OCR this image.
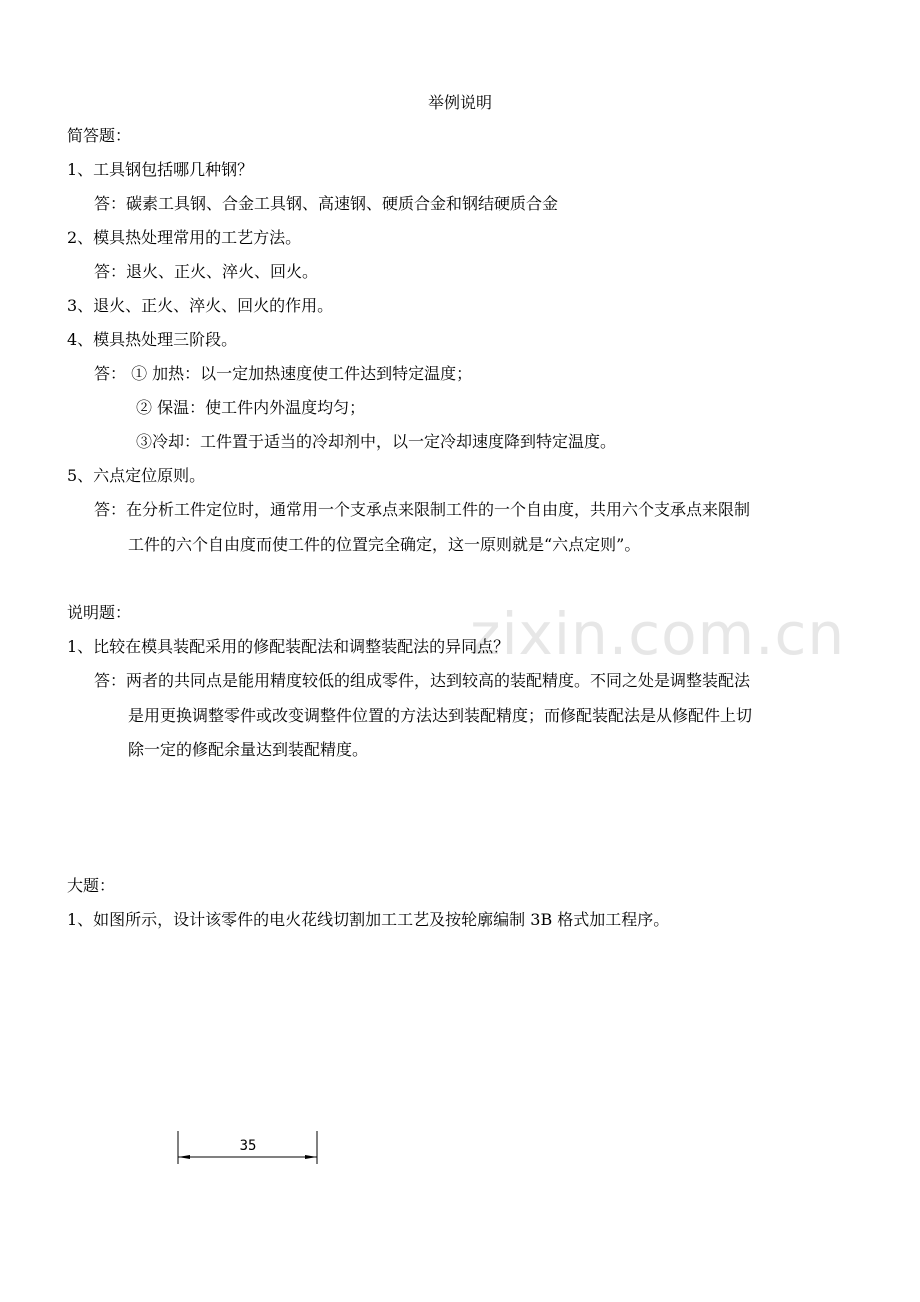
zixin.com.cn
举例说明
简答题：
1、工具钢包括哪几种钢？
答：碳素工具钢、合金工具钢、高速钢、硬质合金和钢结硬质合金
2、模具热处理常用的工艺方法。
答：退火、正火、淬火、回火。
3、退火、正火、淬火、回火的作用。
4、模具热处理三阶段。
答： ① 加热：以一定加热速度使工件达到特定温度；
② 保温：使工件内外温度均匀；
③冷却：工件置于适当的冷却剂中，以一定冷却速度降到特定温度。
5、六点定位原则。
答：在分析工件定位时，通常用一个支承点来限制工件的一个自由度，共用六个支承点来限制
工件的六个自由度而使工件的位置完全确定，这一原则就是“六点定则”。
说明题：
1、比较在模具装配采用的修配装配法和调整装配法的异同点？
答：两者的共同点是能用精度较低的组成零件，达到较高的装配精度。不同之处是调整装配法
是用更换调整零件或改变调整件位置的方法达到装配精度；而修配装配法是从修配件上切
除一定的修配余量达到装配精度。
大题：
1、如图所示，设计该零件的电火花线切割加工工艺及按轮廓编制 3B 格式加工程序。
35
